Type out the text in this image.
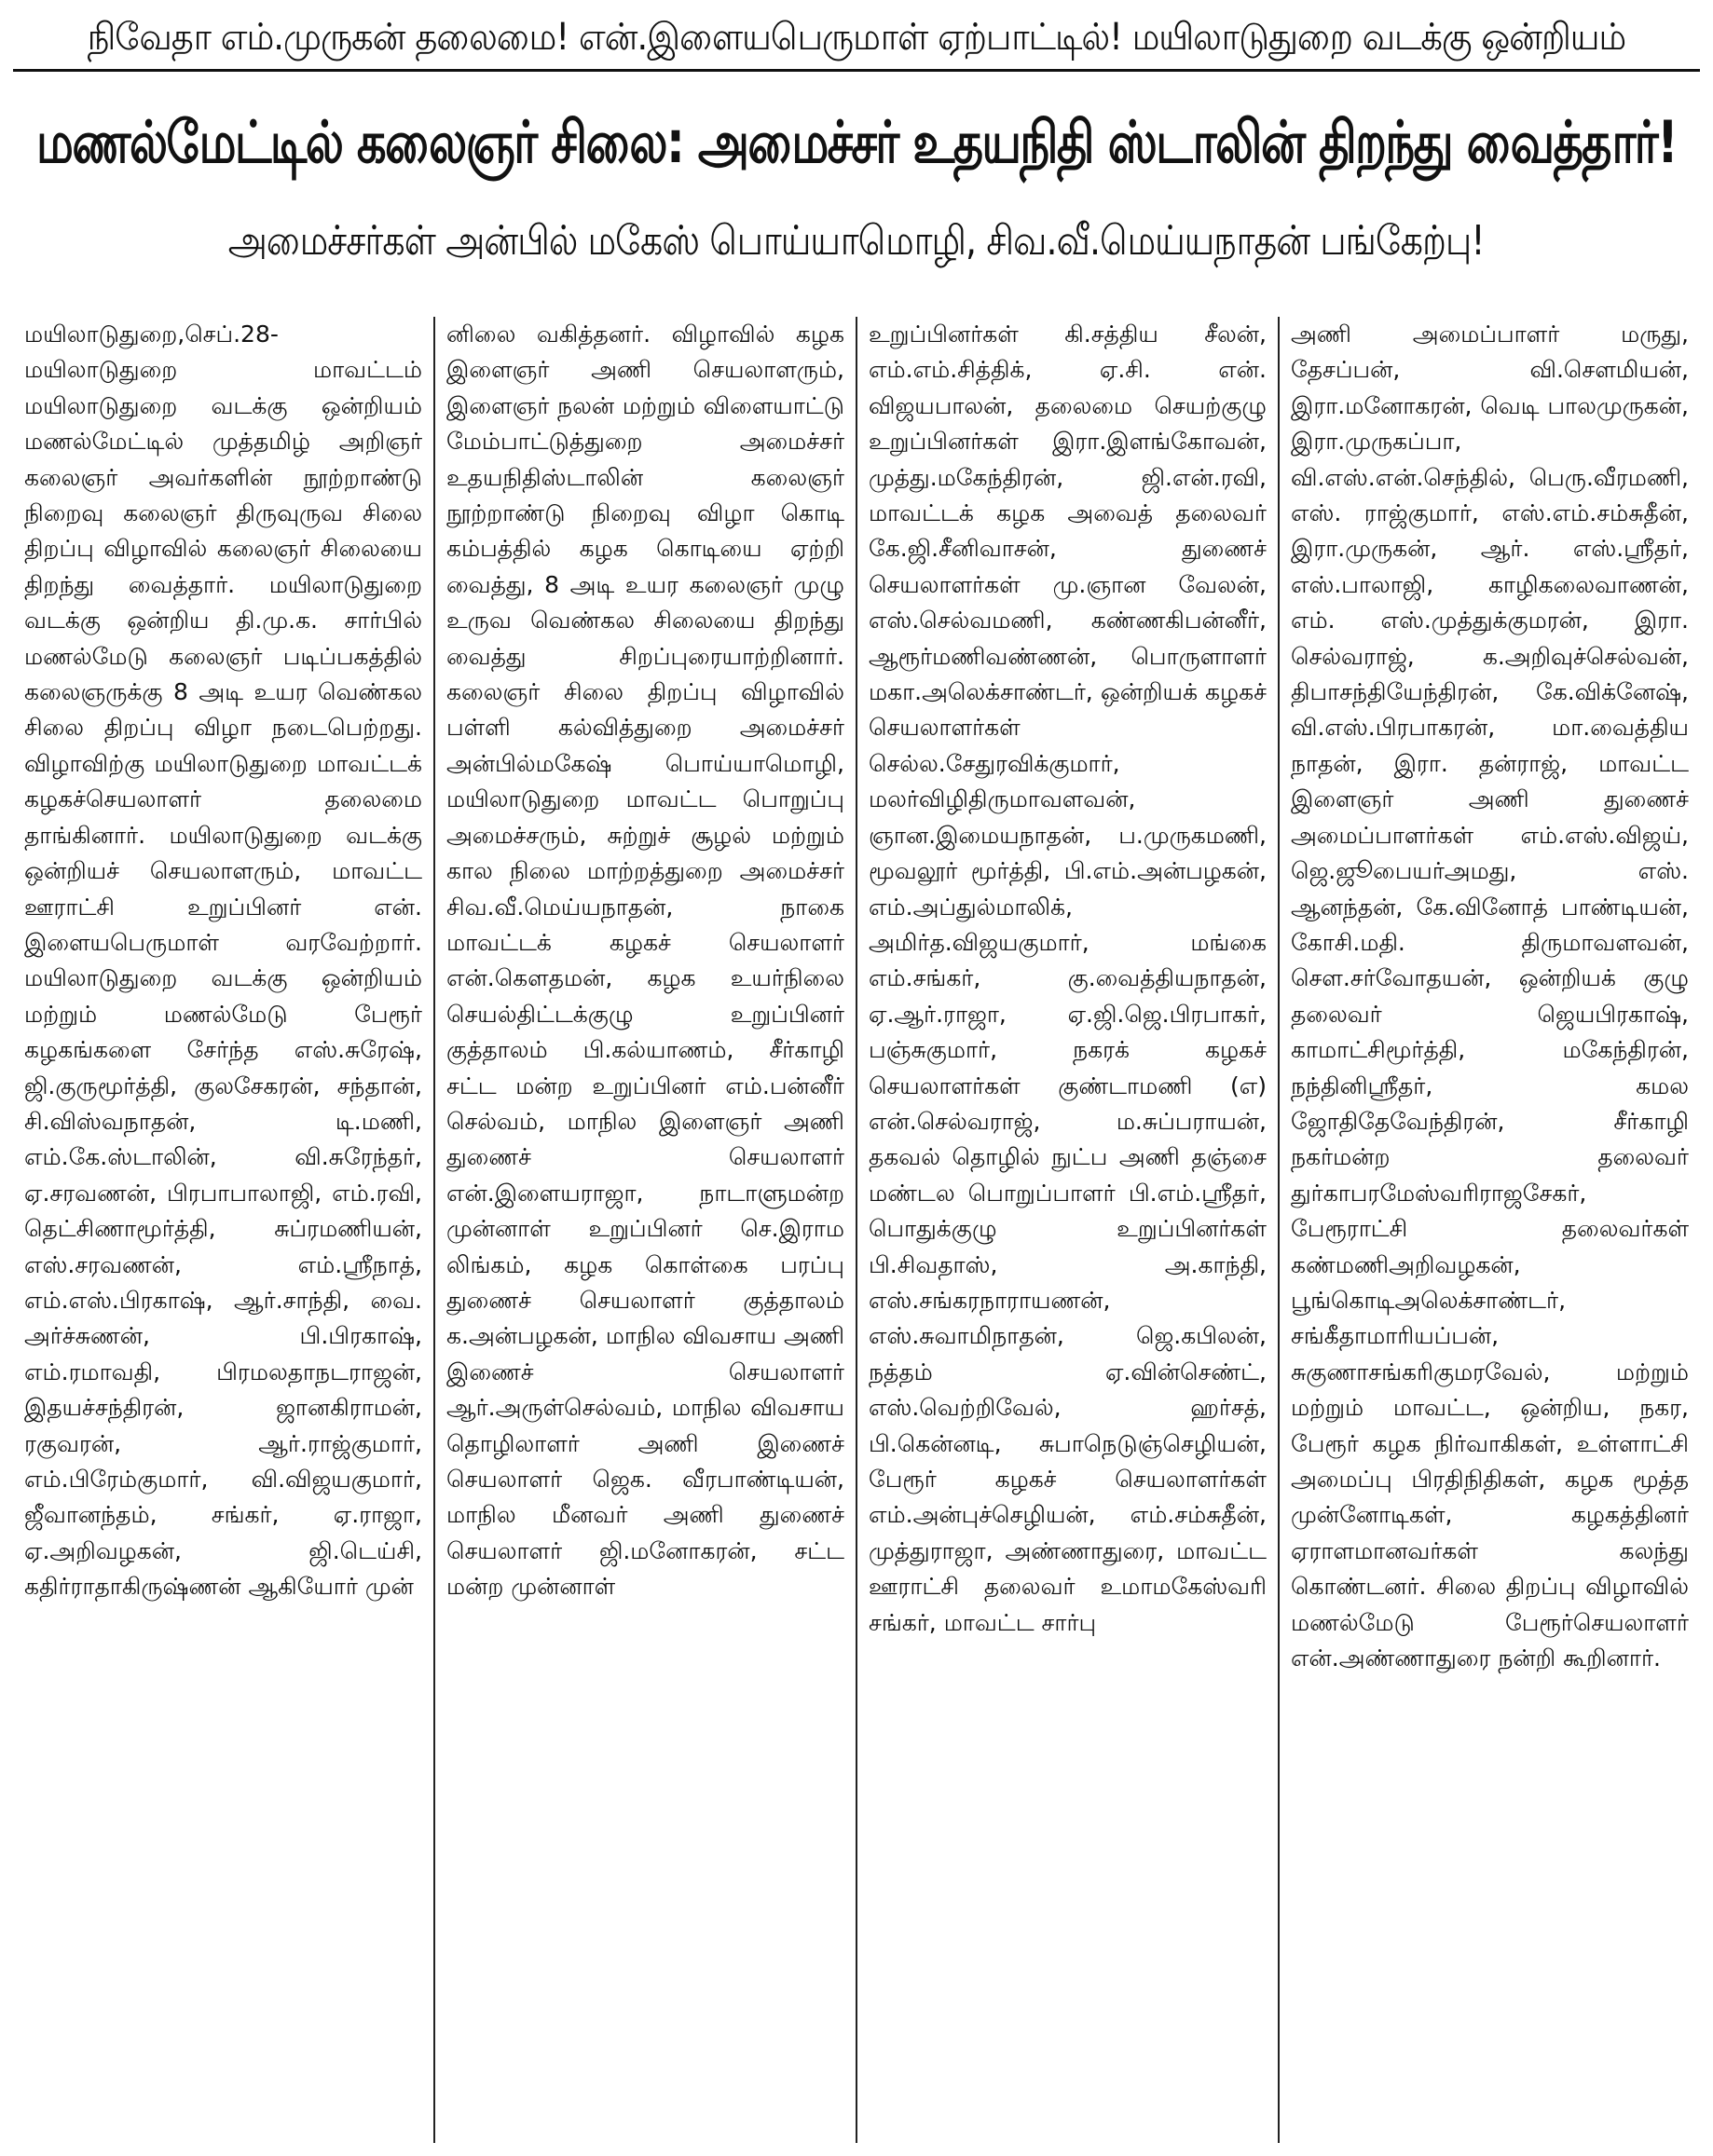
நிவேதா எம்.முருகன் தலைமை! என்.இளையபெருமாள் ஏற்பாட்டில்! மயிலாடுதுறை வடக்கு ஒன்றியம்
மணல்மேட்டில் கலைஞர் சிலை: அமைச்சர் உதயநிதி ஸ்டாலின் திறந்து வைத்தார்!
அமைச்சர்கள் அன்பில் மகேஸ் பொய்யாமொழி, சிவ.வீ.மெய்யநாதன் பங்கேற்பு!

மயிலாடுதுறை,செப்.28- மயிலாடுதுறை மாவட்டம் மயிலாடுதுறை வடக்கு ஒன்றியம் மணல்மேட்டில் முத்தமிழ் அறிஞர் கலைஞர் அவர்களின் நூற்றாண்டு நிறைவு கலைஞர் திருவுருவ சிலை திறப்பு விழாவில் கலைஞர் சிலையை திறந்து வைத்தார். மயிலாடுதுறை வடக்கு ஒன்றிய தி.மு.க. சார்பில் மணல்மேடு கலைஞர் படிப்பகத்தில் கலைஞருக்கு 8 அடி உயர வெண்கல சிலை திறப்பு விழா நடைபெற்றது. விழாவிற்கு மயிலாடுதுறை மாவட்டக் கழகச்செயலாளர் தலைமை தாங்கினார். மயிலாடுதுறை வடக்கு ஒன்றியச் செயலாளரும், மாவட்ட ஊராட்சி உறுப்பினர் என். இளையபெருமாள் வரவேற்றார். மயிலாடுதுறை வடக்கு ஒன்றியம் மற்றும் மணல்மேடு பேரூர் கழகங்களை சேர்ந்த எஸ்.சுரேஷ், ஜி.குருமூர்த்தி, குலசேகரன், சந்தான், சி.விஸ்வநாதன், டி.மணி, எம்.கே.ஸ்டாலின், வி.சுரேந்தர், ஏ.சரவணன், பிரபாபாலாஜி, எம்.ரவி, தெட்சிணாமூர்த்தி, சுப்ரமணியன், எஸ்.சரவணன், எம்.ஸ்ரீநாத், எம்.எஸ்.பிரகாஷ், ஆர்.சாந்தி, வை. அர்ச்சுணன், பி.பிரகாஷ், எம்.ரமாவதி, பிரமலதாநடராஜன், இதயச்சந்திரன், ஜானகிராமன், ரகுவரன், ஆர்.ராஜ்குமார், எம்.பிரேம்குமார், வி.விஜயகுமார், ஜீவானந்தம், சங்கர், ஏ.ராஜா, ஏ.அறிவழகன், ஜி.டெய்சி, கதிர்ராதாகிருஷ்ணன் ஆகியோர் முன்

னிலை வகித்தனர். விழாவில் கழக இளைஞர் அணி செயலாளரும், இளைஞர் நலன் மற்றும் விளையாட்டு மேம்பாட்டுத்துறை அமைச்சர் உதயநிதிஸ்டாலின் கலைஞர் நூற்றாண்டு நிறைவு விழா கொடி கம்பத்தில் கழக கொடியை ஏற்றி வைத்து, 8 அடி உயர கலைஞர் முழு உருவ வெண்கல சிலையை திறந்து வைத்து சிறப்புரையாற்றினார். கலைஞர் சிலை திறப்பு விழாவில் பள்ளி கல்வித்துறை அமைச்சர் அன்பில்மகேஷ் பொய்யாமொழி, மயிலாடுதுறை மாவட்ட பொறுப்பு அமைச்சரும், சுற்றுச் சூழல் மற்றும் கால நிலை மாற்றத்துறை அமைச்சர் சிவ.வீ.மெய்யநாதன், நாகை மாவட்டக் கழகச் செயலாளர் என்.கௌதமன், கழக உயர்நிலை செயல்திட்டக்குழு உறுப்பினர் குத்தாலம் பி.கல்யாணம், சீர்காழி சட்ட மன்ற உறுப்பினர் எம்.பன்னீர் செல்வம், மாநில இளைஞர் அணி துணைச் செயலாளர் என்.இளையராஜா, நாடாளுமன்ற முன்னாள் உறுப்பினர் செ.இராம லிங்கம், கழக கொள்கை பரப்பு துணைச் செயலாளர் குத்தாலம் க.அன்பழகன், மாநில விவசாய அணி இணைச் செயலாளர் ஆர்.அருள்செல்வம், மாநில விவசாய தொழிலாளர் அணி இணைச் செயலாளர் ஜெக. வீரபாண்டியன், மாநில மீனவர் அணி துணைச் செயலாளர் ஜி.மனோகரன், சட்ட மன்ற முன்னாள்

உறுப்பினர்கள் கி.சத்திய சீலன், எம்.எம்.சித்திக், ஏ.சி. என். விஜயபாலன், தலைமை செயற்குழு உறுப்பினர்கள் இரா.இளங்கோவன், முத்து.மகேந்திரன், ஜி.என்.ரவி, மாவட்டக் கழக அவைத் தலைவர் கே.ஜி.சீனிவாசன், துணைச் செயலாளர்கள் மு.ஞான வேலன், எஸ்.செல்வமணி, கண்ணகிபன்னீர், ஆரூர்மணிவண்ணன், பொருளாளர் மகா.அலெக்சாண்டர், ஒன்றியக் கழகச் செயலாளர்கள் செல்ல.சேதுரவிக்குமார், மலர்விழிதிருமாவளவன், ஞான.இமையநாதன், ப.முருகமணி, மூவலூர் மூர்த்தி, பி.எம்.அன்பழகன், எம்.அப்துல்மாலிக், அமிர்த.விஜயகுமார், மங்கை எம்.சங்கர், கு.வைத்தியநாதன், ஏ.ஆர்.ராஜா, ஏ.ஜி.ஜெ.பிரபாகர், பஞ்சுகுமார், நகரக் கழகச் செயலாளர்கள் குண்டாமணி (எ) என்.செல்வராஜ், ம.சுப்பராயன், தகவல் தொழில் நுட்ப அணி தஞ்சை மண்டல பொறுப்பாளர் பி.எம்.ஸ்ரீதர், பொதுக்குழு உறுப்பினர்கள் பி.சிவதாஸ், அ.காந்தி, எஸ்.சங்கரநாராயணன், எஸ்.சுவாமிநாதன், ஜெ.கபிலன், நத்தம் ஏ.வின்செண்ட், எஸ்.வெற்றிவேல், ஹர்சத், பி.கென்னடி, சுபாநெடுஞ்செழியன், பேரூர் கழகச் செயலாளர்கள் எம்.அன்புச்செழியன், எம்.சம்சுதீன், முத்துராஜா, அண்ணாதுரை, மாவட்ட ஊராட்சி தலைவர் உமாமகேஸ்வரி சங்கர், மாவட்ட சார்பு

அணி அமைப்பாளர் மருது, தேசப்பன், வி.சௌமியன், இரா.மனோகரன், வெடி பாலமுருகன், இரா.முருகப்பா, வி.எஸ்.என்.செந்தில், பெரு.வீரமணி, எஸ். ராஜ்குமார், எஸ்.எம்.சம்சுதீன், இரா.முருகன், ஆர். எஸ்.ஸ்ரீதர், எஸ்.பாலாஜி, காழிகலைவாணன், எம். எஸ்.முத்துக்குமரன், இரா. செல்வராஜ், க.அறிவுச்செல்வன், திபாசந்தியேந்திரன், கே.விக்னேஷ், வி.எஸ்.பிரபாகரன், மா.வைத்திய நாதன், இரா. தன்ராஜ், மாவட்ட இளைஞர் அணி துணைச் அமைப்பாளர்கள் எம்.எஸ்.விஜய், ஜெ.ஜூபையர்அமது, எஸ். ஆனந்தன், கே.வினோத் பாண்டியன், கோசி.மதி. திருமாவளவன், சௌ.சர்வோதயன், ஒன்றியக் குழு தலைவர் ஜெயபிரகாஷ், காமாட்சிமூர்த்தி, மகேந்திரன், நந்தினிஸ்ரீதர், கமல ஜோதிதேவேந்திரன், சீர்காழி நகர்மன்ற தலைவர் துர்காபரமேஸ்வரிராஜசேகர், பேரூராட்சி தலைவர்கள் கண்மணிஅறிவழகன், பூங்கொடிஅலெக்சாண்டர், சங்கீதாமாரியப்பன், சுகுணாசங்கரிகுமரவேல், மற்றும் மற்றும் மாவட்ட, ஒன்றிய, நகர, பேரூர் கழக நிர்வாகிகள், உள்ளாட்சி அமைப்பு பிரதிநிதிகள், கழக மூத்த முன்னோடிகள், கழகத்தினர் ஏராளமானவர்கள் கலந்து கொண்டனர். சிலை திறப்பு விழாவில் மணல்மேடு பேரூர்செயலாளர் என்.அண்ணாதுரை நன்றி கூறினார்.
